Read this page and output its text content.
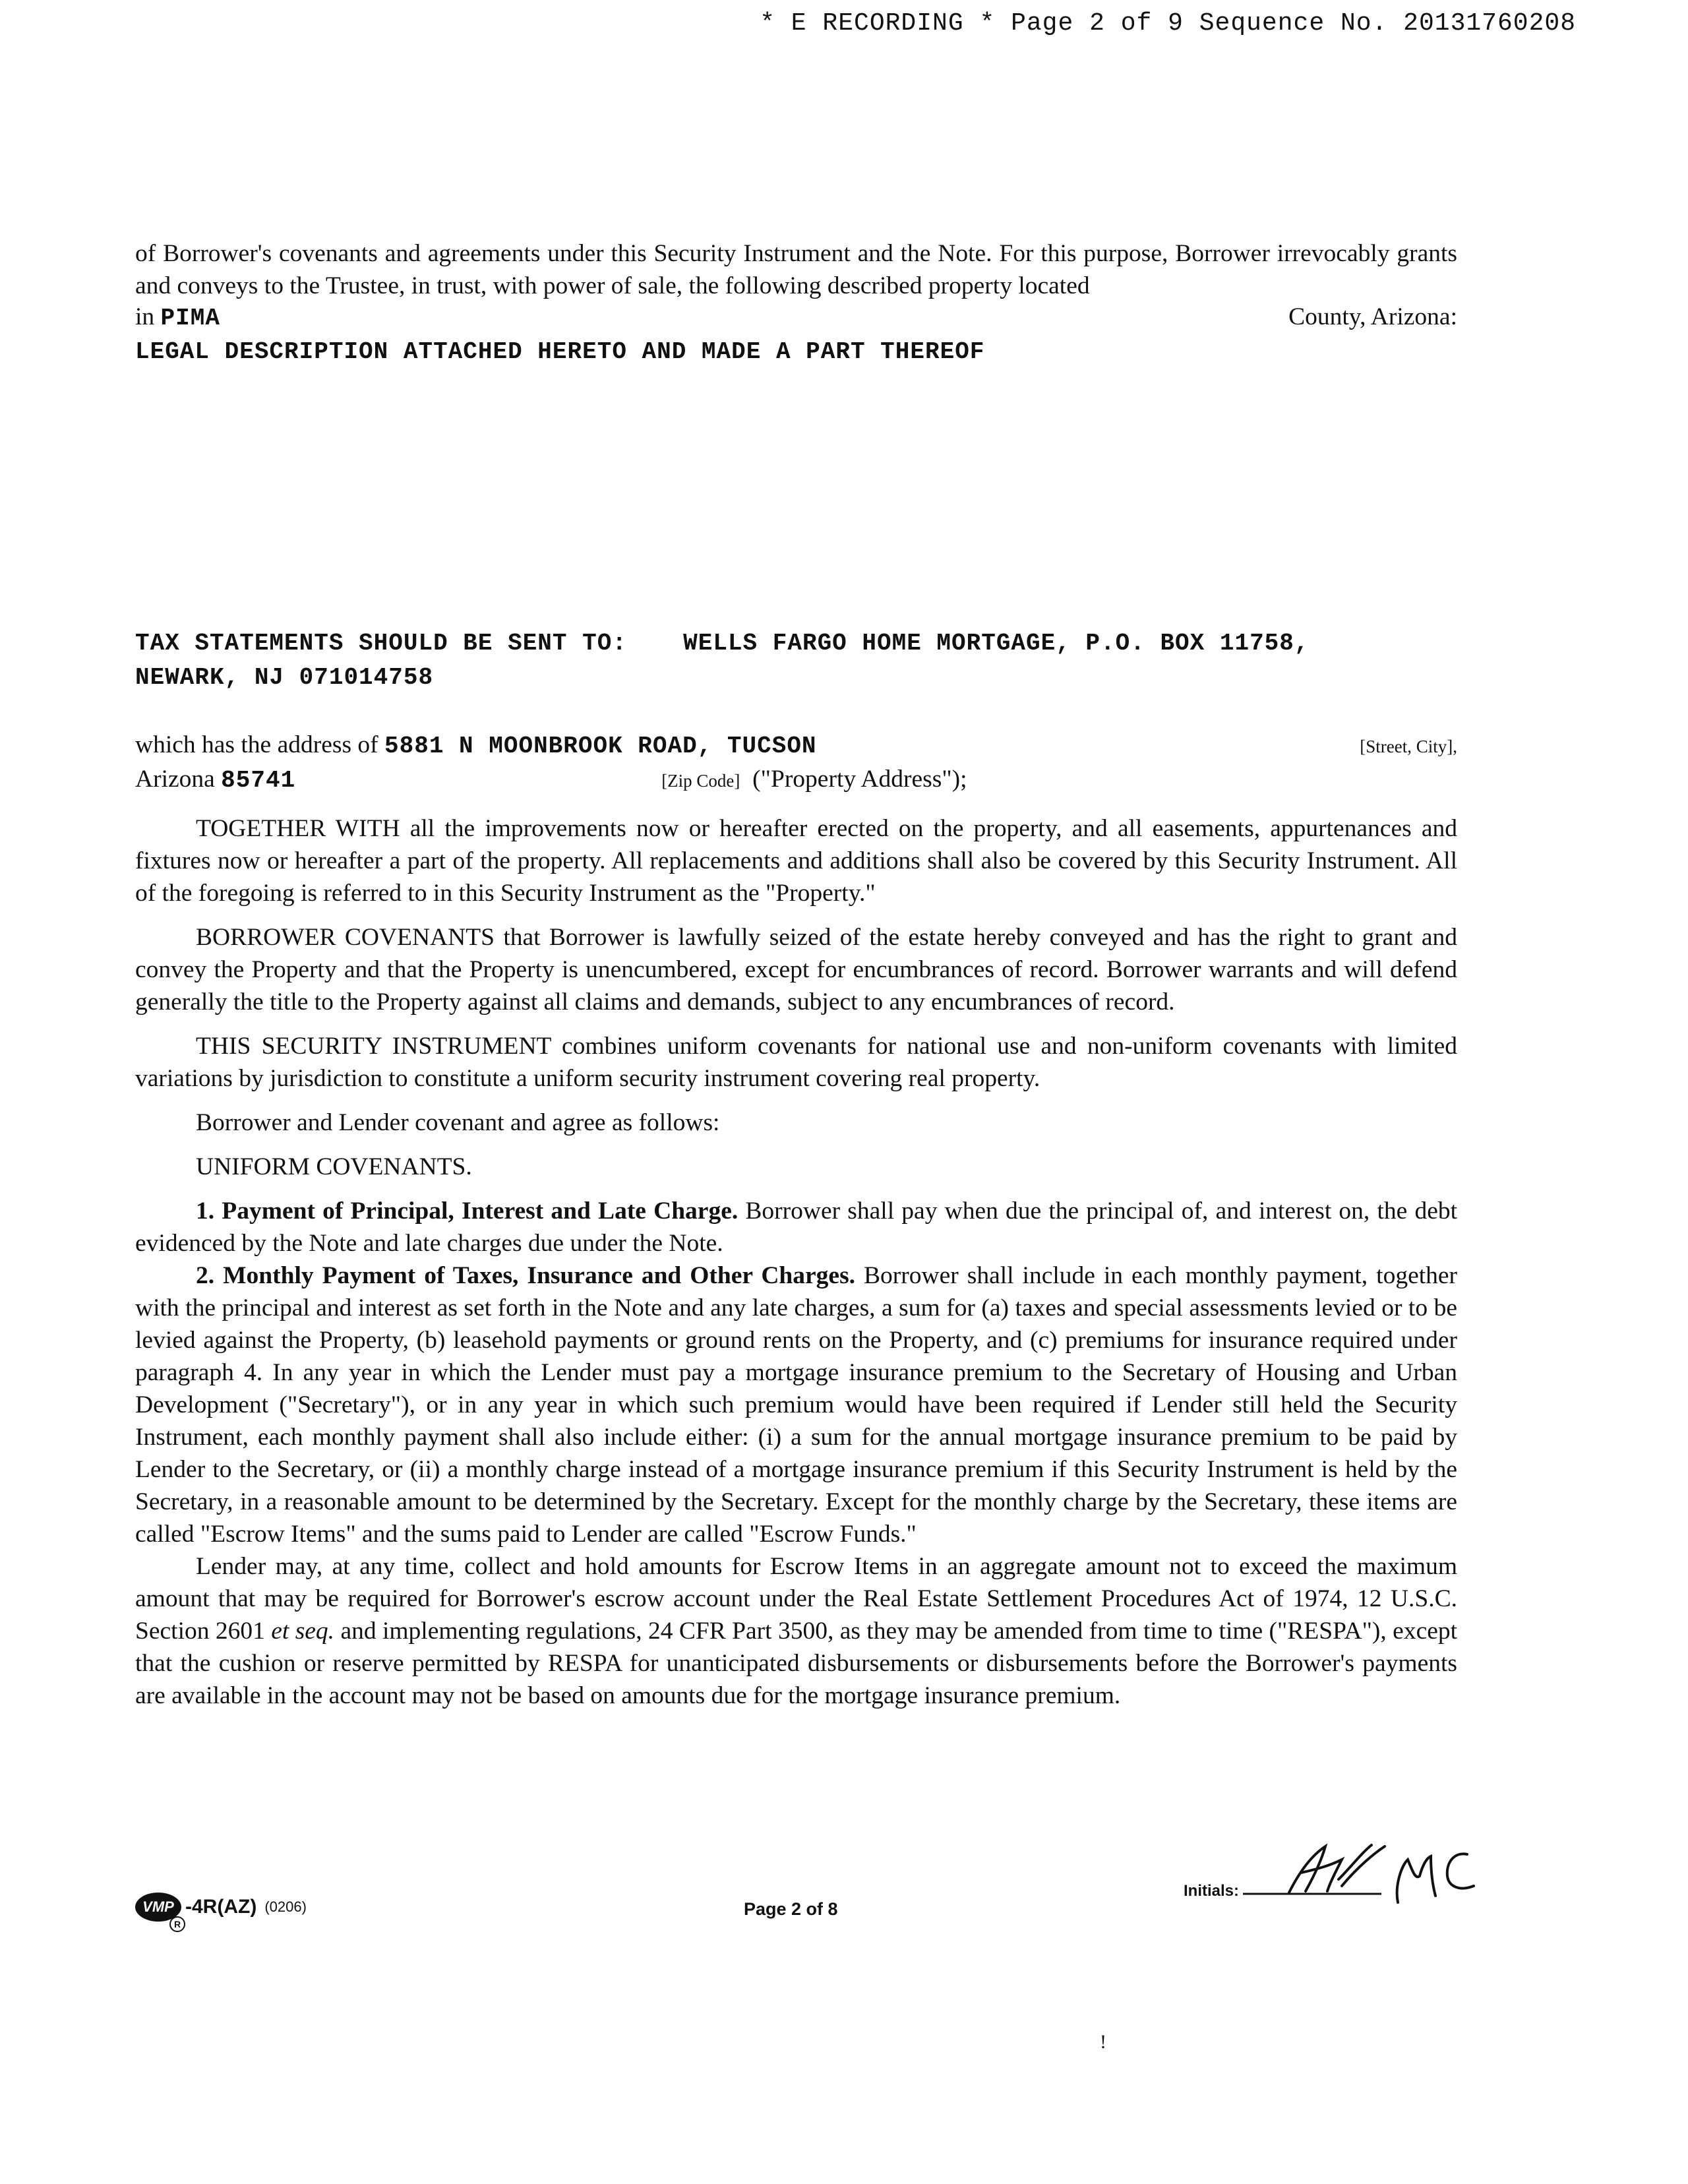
* E RECORDING * Page 2 of 9 Sequence No. 20131760208

of Borrower's covenants and agreements under this Security Instrument and the Note. For this purpose, Borrower irrevocably grants and conveys to the Trustee, in trust, with power of sale, the following described property located

in PIMA	County, Arizona:
LEGAL DESCRIPTION ATTACHED HERETO AND MADE A PART THEREOF
TAX STATEMENTS SHOULD BE SENT TO: WELLS FARGO HOME MORTGAGE, P.O. BOX 11758,
NEWARK, NJ 071014758
which has the address of 5881 N MOONBROOK ROAD, TUCSON	[Street, City],
Arizona
85741	[Zip Code]
("Property Address");

TOGETHER WITH all the improvements now or hereafter erected on the property, and all easements, appurtenances and fixtures now or hereafter a part of the property. All replacements and additions shall also be covered by this Security Instrument. All of the foregoing is referred to in this Security Instrument as the "Property."

BORROWER COVENANTS that Borrower is lawfully seized of the estate hereby conveyed and has the right to grant and convey the Property and that the Property is unencumbered, except for encumbrances of record. Borrower warrants and will defend generally the title to the Property against all claims and demands, subject to any encumbrances of record.

THIS SECURITY INSTRUMENT combines uniform covenants for national use and non-uniform covenants with limited variations by jurisdiction to constitute a uniform security instrument covering real property.

Borrower and Lender covenant and agree as follows:

UNIFORM COVENANTS.

1. Payment of Principal, Interest and Late Charge. Borrower shall pay when due the principal of, and interest on, the debt evidenced by the Note and late charges due under the Note.

2. Monthly Payment of Taxes, Insurance and Other Charges. Borrower shall include in each monthly payment, together with the principal and interest as set forth in the Note and any late charges, a sum for (a) taxes and special assessments levied or to be levied against the Property, (b) leasehold payments or ground rents on the Property, and (c) premiums for insurance required under paragraph 4. In any year in which the Lender must pay a mortgage insurance premium to the Secretary of Housing and Urban Development ("Secretary"), or in any year in which such premium would have been required if Lender still held the Security Instrument, each monthly payment shall also include either: (i) a sum for the annual mortgage insurance premium to be paid by Lender to the Secretary, or (ii) a monthly charge instead of a mortgage insurance premium if this Security Instrument is held by the Secretary, in a reasonable amount to be determined by the Secretary. Except for the monthly charge by the Secretary, these items are called "Escrow Items" and the sums paid to Lender are called "Escrow Funds."

Lender may, at any time, collect and hold amounts for Escrow Items in an aggregate amount not to exceed the maximum amount that may be required for Borrower's escrow account under the Real Estate Settlement Procedures Act of 1974, 12 U.S.C. Section 2601 et seq. and implementing regulations, 24 CFR Part 3500, as they may be amended from time to time ("RESPA"), except that the cushion or reserve permitted by RESPA for unanticipated disbursements or disbursements before the Borrower's payments are available in the account may not be based on amounts due for the mortgage insurance premium.

VMP
R
-4R(AZ) (0206)	Page 2 of 8
Initials:
!
